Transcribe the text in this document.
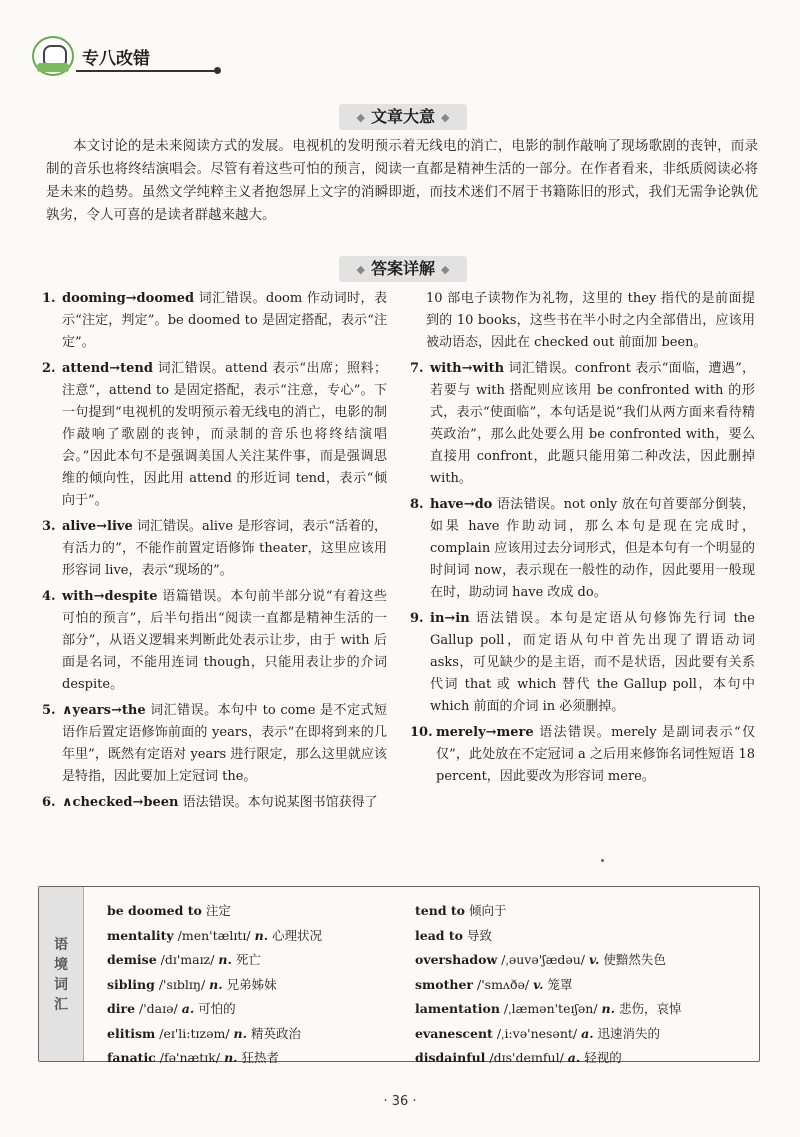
专八改错
◆ 文章大意 ◆
本文讨论的是未来阅读方式的发展。电视机的发明预示着无线电的消亡，电影的制作敲响了现场歌剧的丧钟，而录制的音乐也将终结演唱会。尽管有着这些可怕的预言，阅读一直都是精神生活的一部分。在作者看来，非纸质阅读必将是未来的趋势。虽然文学纯粹主义者抱怨屏上文字的消瞬即逝，而技术迷们不屑于书籍陈旧的形式，我们无需争论孰优孰劣，令人可喜的是读者群越来越大。
◆ 答案详解 ◆
1. dooming→doomed 词汇错误。doom 作动词时，表示“注定，判定”。be doomed to 是固定搭配，表示“注定”。
2. attend→tend 词汇错误。attend 表示“出席；照料；注意”，attend to 是固定搭配，表示“注意，专心”。下一句提到“电视机的发明预示着无线电的消亡，电影的制作敲响了歌剧的丧钟，而录制的音乐也将终结演唱会。”因此本句不是强调美国人关注某件事，而是强调思维的倾向性，因此用 attend 的形近词 tend，表示“倾向于”。
3. alive→live 词汇错误。alive 是形容词，表示“活着的，有活力的”，不能作前置定语修饰 theater，这里应该用形容词 live，表示“现场的”。
4. with→despite 语篇错误。本句前半部分说“有着这些可怕的预言”，后半句指出“阅读一直都是精神生活的一部分”，从语义逻辑来判断此处表示让步，由于 with 后面是名词，不能用连词 though，只能用表让步的介词 despite。
5. ∧years→the 词汇错误。本句中 to come 是不定式短语作后置定语修饰前面的 years，表示“在即将到来的几年里”，既然有定语对 years 进行限定，那么这里就应该是特指，因此要加上定冠词 the。
6. ∧checked→been 语法错误。本句说某图书馆获得了
10 部电子读物作为礼物，这里的 they 指代的是前面提到的 10 books，这些书在半小时之内全部借出，应该用被动语态，因此在 checked out 前面加 been。
7. with→with 词汇错误。confront 表示“面临，遭遇”，若要与 with 搭配则应该用 be confronted with 的形式，表示“使面临”，本句话是说“我们从两方面来看待精英政治”，那么此处要么用 be confronted with，要么直接用 confront，此题只能用第二种改法，因此删掉 with。
8. have→do 语法错误。not only 放在句首要部分倒装，如果 have 作助动词，那么本句是现在完成时，complain 应该用过去分词形式，但是本句有一个明显的时间词 now，表示现在一般性的动作，因此要用一般现在时，助动词 have 改成 do。
9. in→in 语法错误。本句是定语从句修饰先行词 the Gallup poll，而定语从句中首先出现了谓语动词 asks，可见缺少的是主语，而不是状语，因此要有关系代词 that 或 which 替代 the Gallup poll，本句中 which 前面的介词 in 必须删掉。
10. merely→mere 语法错误。merely 是副词表示“仅仅”，此处放在不定冠词 a 之后用来修饰名词性短语 18 percent，因此要改为形容词 mere。
语境词汇
be doomed to 注定
mentality /men'tælɪtɪ/ n. 心理状况
demise /dɪ'maɪz/ n. 死亡
sibling /'sɪblɪŋ/ n. 兄弟姊妹
dire /'daɪə/ a. 可怕的
elitism /eɪ'li:tɪzəm/ n. 精英政治
fanatic /fə'nætɪk/ n. 狂热者
tend to 倾向于
lead to 导致
overshadow /ˌəuvə'ʃædəu/ v. 使黯然失色
smother /'smʌðə/ v. 笼罩
lamentation /ˌlæmən'teɪʃən/ n. 悲伤，哀悼
evanescent /ˌi:və'nesənt/ a. 迅速消失的
disdainful /dɪs'deɪnful/ a. 轻视的
· 36 ·
